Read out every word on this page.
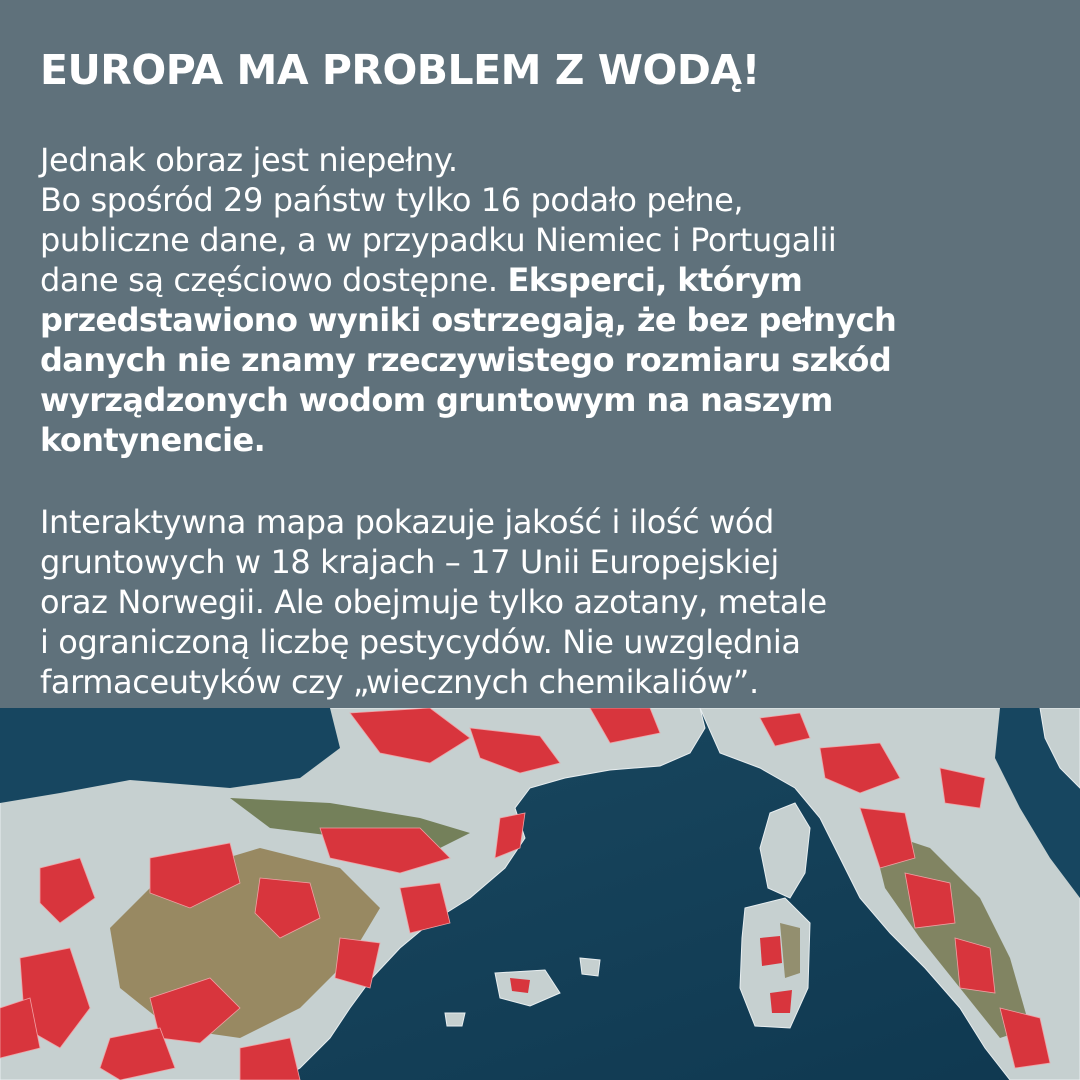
EUROPA MA PROBLEM Z WODĄ!

Jednak obraz jest niepełny.
Bo spośród 29 państw tylko 16 podało pełne,
publiczne dane, a w przypadku Niemiec i Portugalii
dane są częściowo dostępne. Eksperci, którym
przedstawiono wyniki ostrzegają, że bez pełnych
danych nie znamy rzeczywistego rozmiaru szkód
wyrządzonych wodom gruntowym na naszym
kontynencie.

Interaktywna mapa pokazuje jakość i ilość wód
gruntowych w 18 krajach – 17 Unii Europejskiej
oraz Norwegii. Ale obejmuje tylko azotany, metale
i ograniczoną liczbę pestycydów. Nie uwzględnia
farmaceutyków czy „wiecznych chemikaliów”.
